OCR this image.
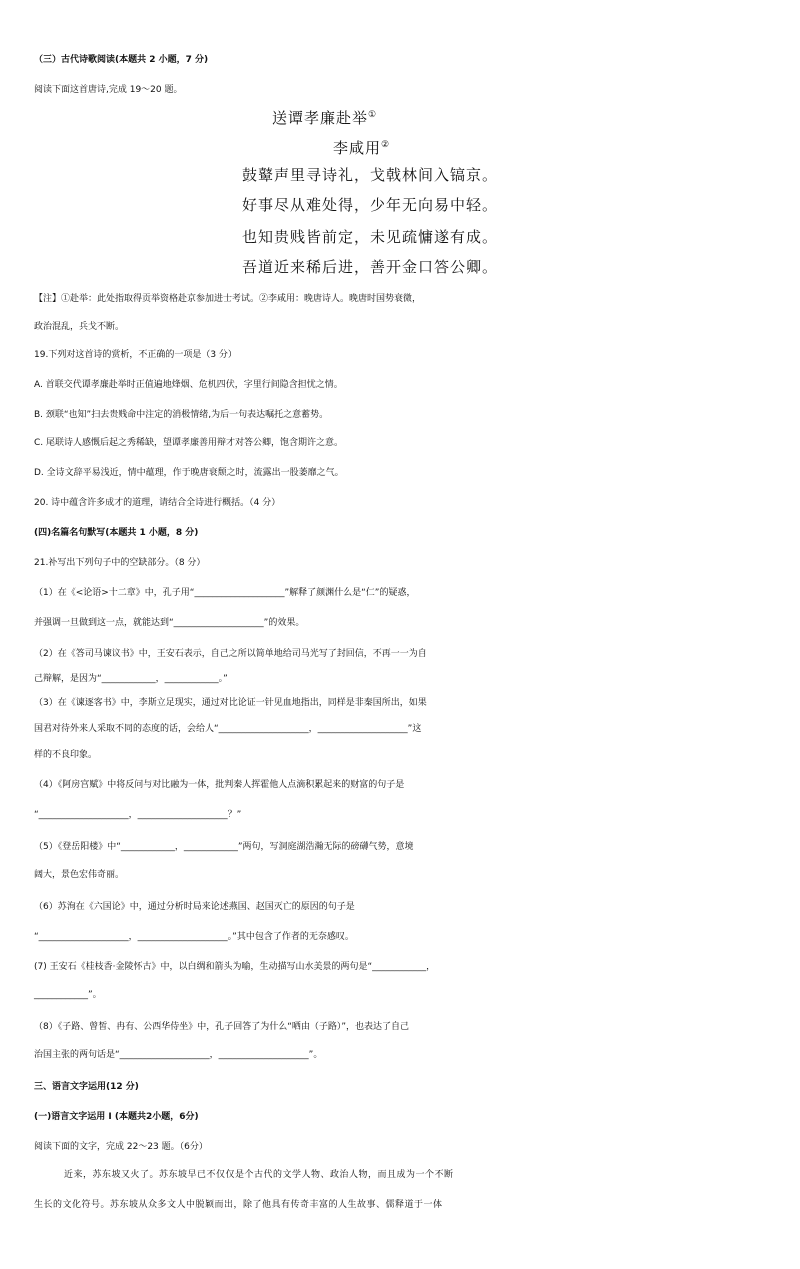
（三）古代诗歌阅读(本题共 2 小题，7 分)
阅读下面这首唐诗,完成 19～20 题。
送谭孝廉赴举①
李咸用②
鼓鼙声里寻诗礼，戈戟林间入镐京。
好事尽从难处得，少年无向易中轻。
也知贵贱皆前定，未见疏慵遂有成。
吾道近来稀后进，善开金口答公卿。
【注】①赴举：此处指取得贡举资格赴京参加进士考试。②李咸用：晚唐诗人。晚唐时国势衰微，
政治混乱，兵戈不断。
19.下列对这首诗的赏析，不正确的一项是（3 分）
A. 首联交代谭孝廉赴举时正值遍地烽烟、危机四伏，字里行间隐含担忧之情。
B. 颈联“也知”扫去贵贱命中注定的消极情绪,为后一句表达嘱托之意蓄势。
C. 尾联诗人感慨后起之秀稀缺，望谭孝廉善用辩才对答公卿，饱含期许之意。
D. 全诗文辞平易浅近，情中蕴理，作于晚唐衰颓之时，流露出一股萎靡之气。
20. 诗中蕴含许多成才的道理，请结合全诗进行概括。（4 分）
(四)名篇名句默写(本题共 1 小题，8 分)
21.补写出下列句子中的空缺部分。（8 分）
（1）在《<论语>十二章》中，孔子用“____________________”解释了颜渊什么是“仁”的疑惑，
并强调一旦做到这一点，就能达到“____________________”的效果。
（2）在《答司马谏议书》中，王安石表示，自己之所以简单地给司马光写了封回信，不再一一为自
己辩解，是因为“____________，____________。”
（3）在《谏逐客书》中，李斯立足现实，通过对比论证一针见血地指出，同样是非秦国所出，如果
国君对待外来人采取不同的态度的话，会给人“____________________，____________________”这
样的不良印象。
（4）《阿房宫赋》中将反问与对比融为一体，批判秦人挥霍他人点滴积累起来的财富的句子是
“____________________，____________________？”
（5）《登岳阳楼》中“____________，____________”两句，写洞庭湖浩瀚无际的磅礴气势，意境
阔大，景色宏伟奇丽。
（6）苏洵在《六国论》中，通过分析时局来论述燕国、赵国灭亡的原因的句子是
“____________________，____________________。”其中包含了作者的无奈感叹。
(7) 王安石《桂枝香·金陵怀古》中，以白绸和箭头为喻，生动描写山水美景的两句是“____________，
____________”。
（8）《子路、曾皙、冉有、公西华侍坐》中，孔子回答了为什么“哂由（子路）”，也表达了自己
治国主张的两句话是“____________________，____________________”。
三、语言文字运用(12 分)
(一)语言文字运用 I (本题共2小题，6分)
阅读下面的文字，完成 22～23 题。（6分）
近来，苏东坡又火了。苏东坡早已不仅仅是个古代的文学人物、政治人物，而且成为一个不断
生长的文化符号。苏东坡从众多文人中脱颖而出，除了他具有传奇丰富的人生故事、儒释道于一体
